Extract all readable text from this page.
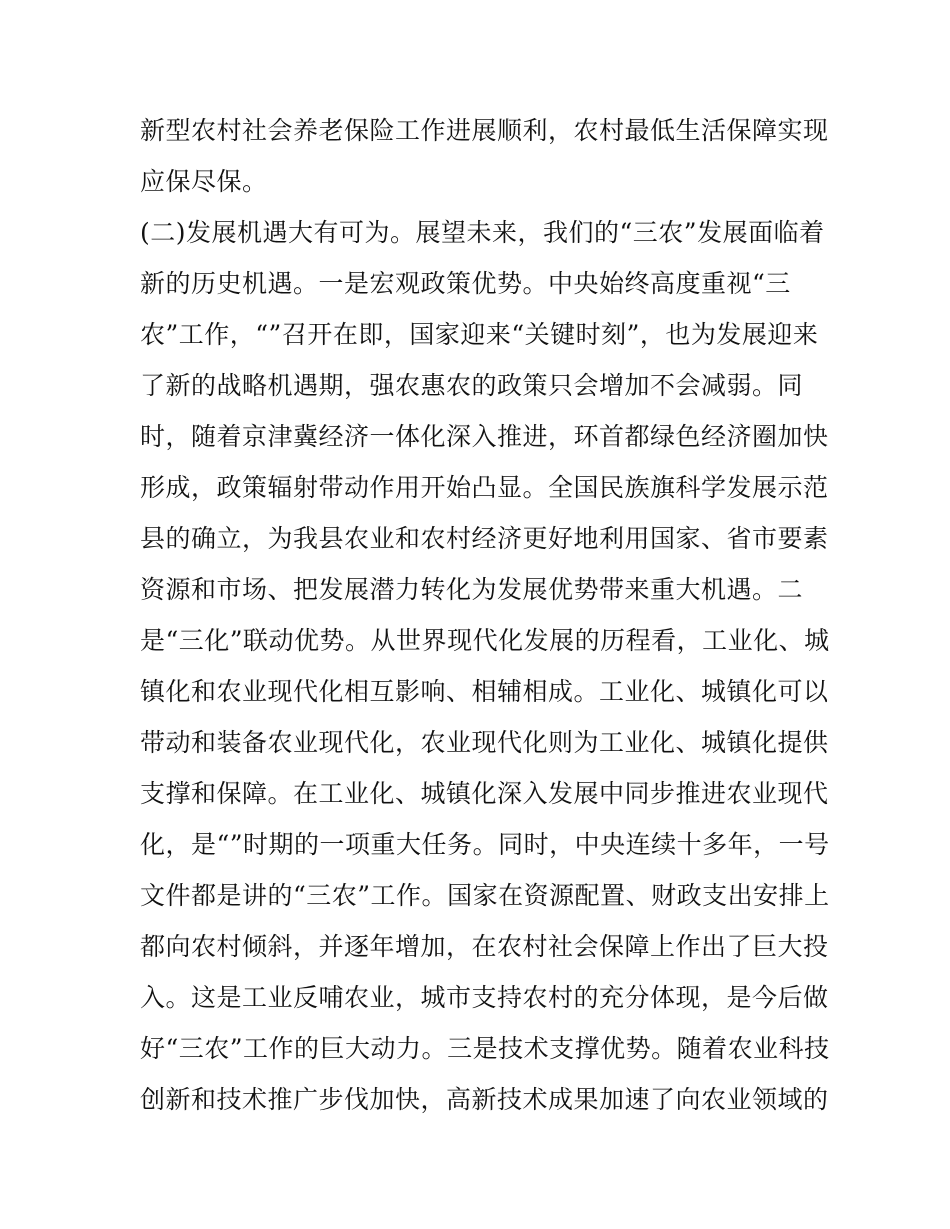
新型农村社会养老保险工作进展顺利，农村最低生活保障实现
应保尽保。
(二)发展机遇大有可为。展望未来，我们的“三农”发展面临着
新的历史机遇。一是宏观政策优势。中央始终高度重视“三
农”工作，“”召开在即，国家迎来“关键时刻”，也为发展迎来
了新的战略机遇期，强农惠农的政策只会增加不会减弱。同
时，随着京津冀经济一体化深入推进，环首都绿色经济圈加快
形成，政策辐射带动作用开始凸显。全国民族旗科学发展示范
县的确立，为我县农业和农村经济更好地利用国家、省市要素
资源和市场、把发展潜力转化为发展优势带来重大机遇。二
是“三化”联动优势。从世界现代化发展的历程看，工业化、城
镇化和农业现代化相互影响、相辅相成。工业化、城镇化可以
带动和装备农业现代化，农业现代化则为工业化、城镇化提供
支撑和保障。在工业化、城镇化深入发展中同步推进农业现代
化，是“”时期的一项重大任务。同时，中央连续十多年，一号
文件都是讲的“三农”工作。国家在资源配置、财政支出安排上
都向农村倾斜，并逐年增加，在农村社会保障上作出了巨大投
入。这是工业反哺农业，城市支持农村的充分体现，是今后做
好“三农”工作的巨大动力。三是技术支撑优势。随着农业科技
创新和技术推广步伐加快，高新技术成果加速了向农业领域的
